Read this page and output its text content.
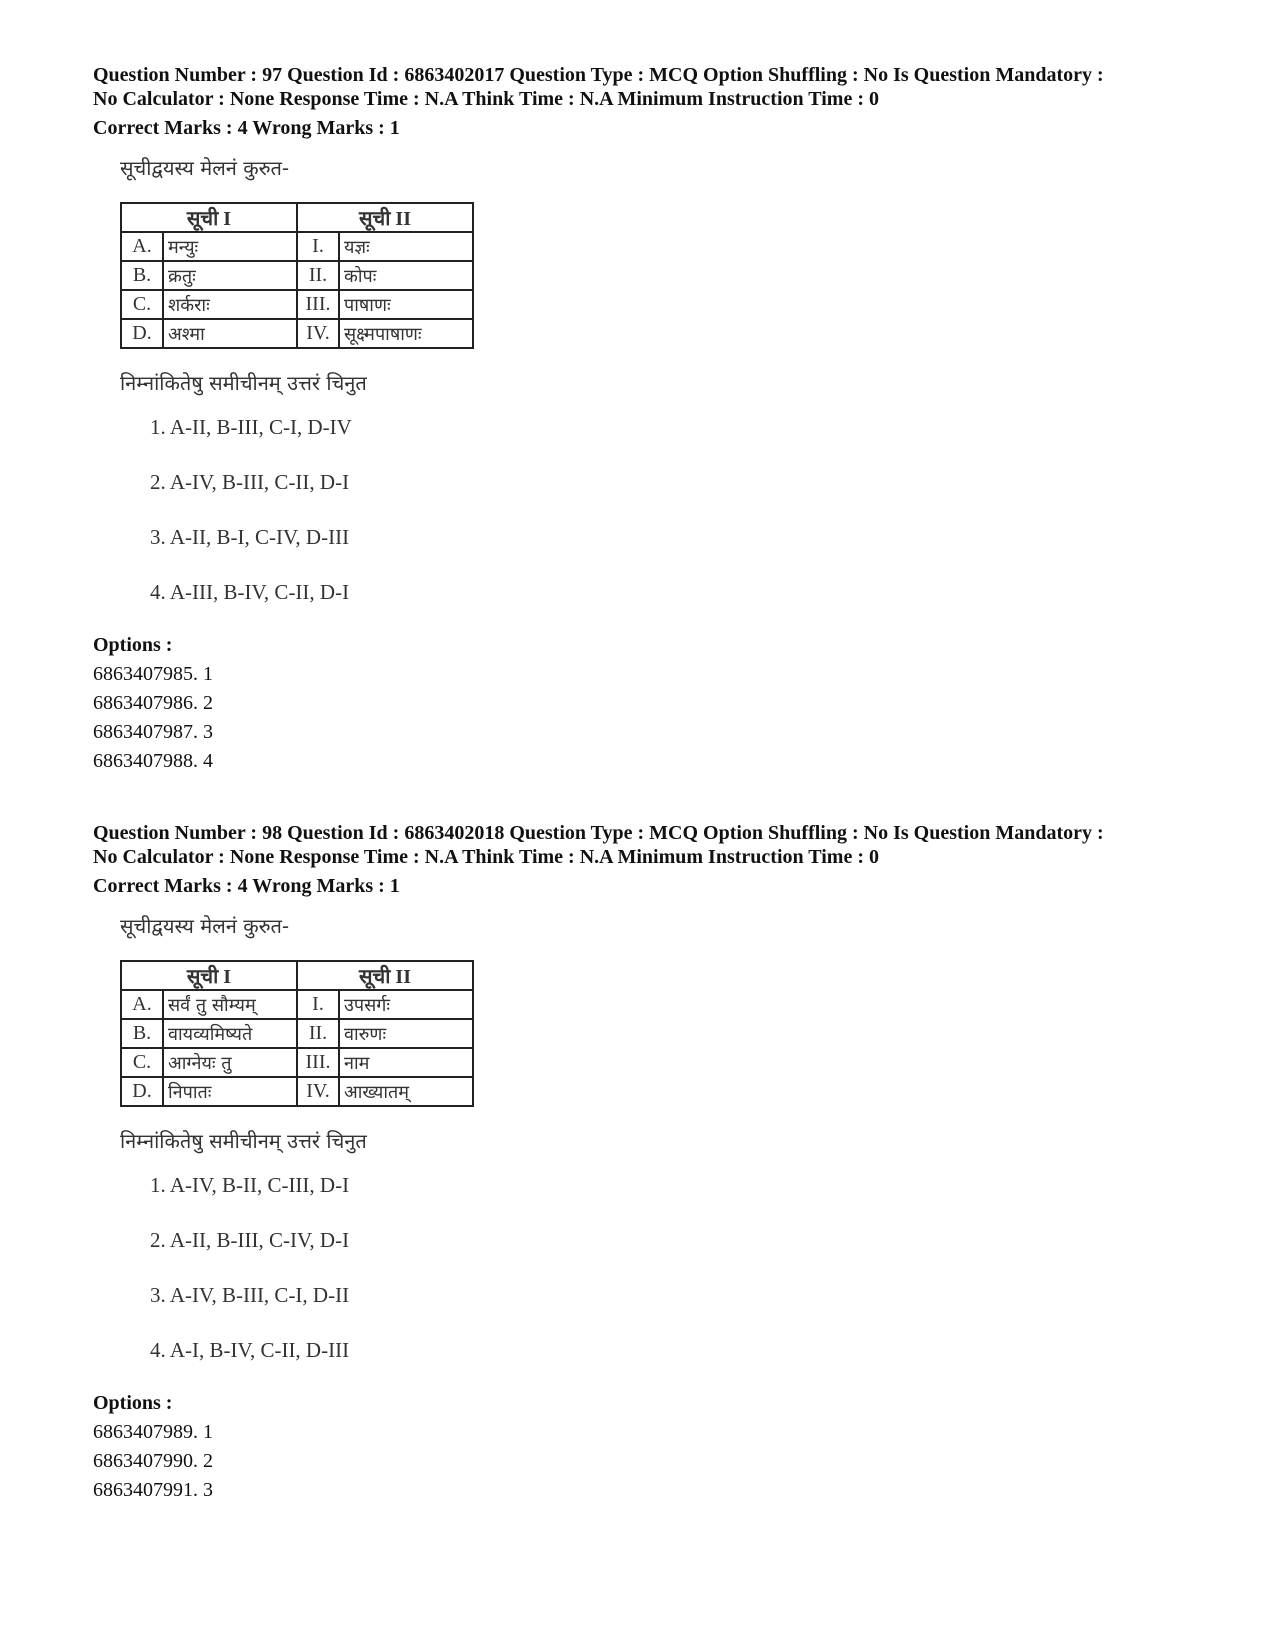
Question Number : 97 Question Id : 6863402017 Question Type : MCQ Option Shuffling : No Is Question Mandatory :
No Calculator : None Response Time : N.A Think Time : N.A Minimum Instruction Time : 0
Correct Marks : 4 Wrong Marks : 1
सूचीद्वयस्य मेलनं कुरुत-
सूची I		सूची II	
A.	मन्युः	I.	यज्ञः
B.	क्रतुः	II.	कोपः
C.	शर्कराः	III.	पाषाणः
D.	अश्मा	IV.	सूक्ष्मपाषाणः
निम्नांकितेषु समीचीनम् उत्तरं चिनुत
1. A-II, B-III, C-I, D-IV
2. A-IV, B-III, C-II, D-I
3. A-II, B-I, C-IV, D-III
4. A-III, B-IV, C-II, D-I
Options :
6863407985. 1
6863407986. 2
6863407987. 3
6863407988. 4
Question Number : 98 Question Id : 6863402018 Question Type : MCQ Option Shuffling : No Is Question Mandatory :
No Calculator : None Response Time : N.A Think Time : N.A Minimum Instruction Time : 0
Correct Marks : 4 Wrong Marks : 1
सूचीद्वयस्य मेलनं कुरुत-
सूची I		सूची II	
A.	सर्वं तु सौम्यम्	I.	उपसर्गः
B.	वायव्यमिष्यते	II.	वारुणः
C.	आग्नेयः तु	III.	नाम
D.	निपातः	IV.	आख्यातम्
निम्नांकितेषु समीचीनम् उत्तरं चिनुत
1. A-IV, B-II, C-III, D-I
2. A-II, B-III, C-IV, D-I
3. A-IV, B-III, C-I, D-II
4. A-I, B-IV, C-II, D-III
Options :
6863407989. 1
6863407990. 2
6863407991. 3
